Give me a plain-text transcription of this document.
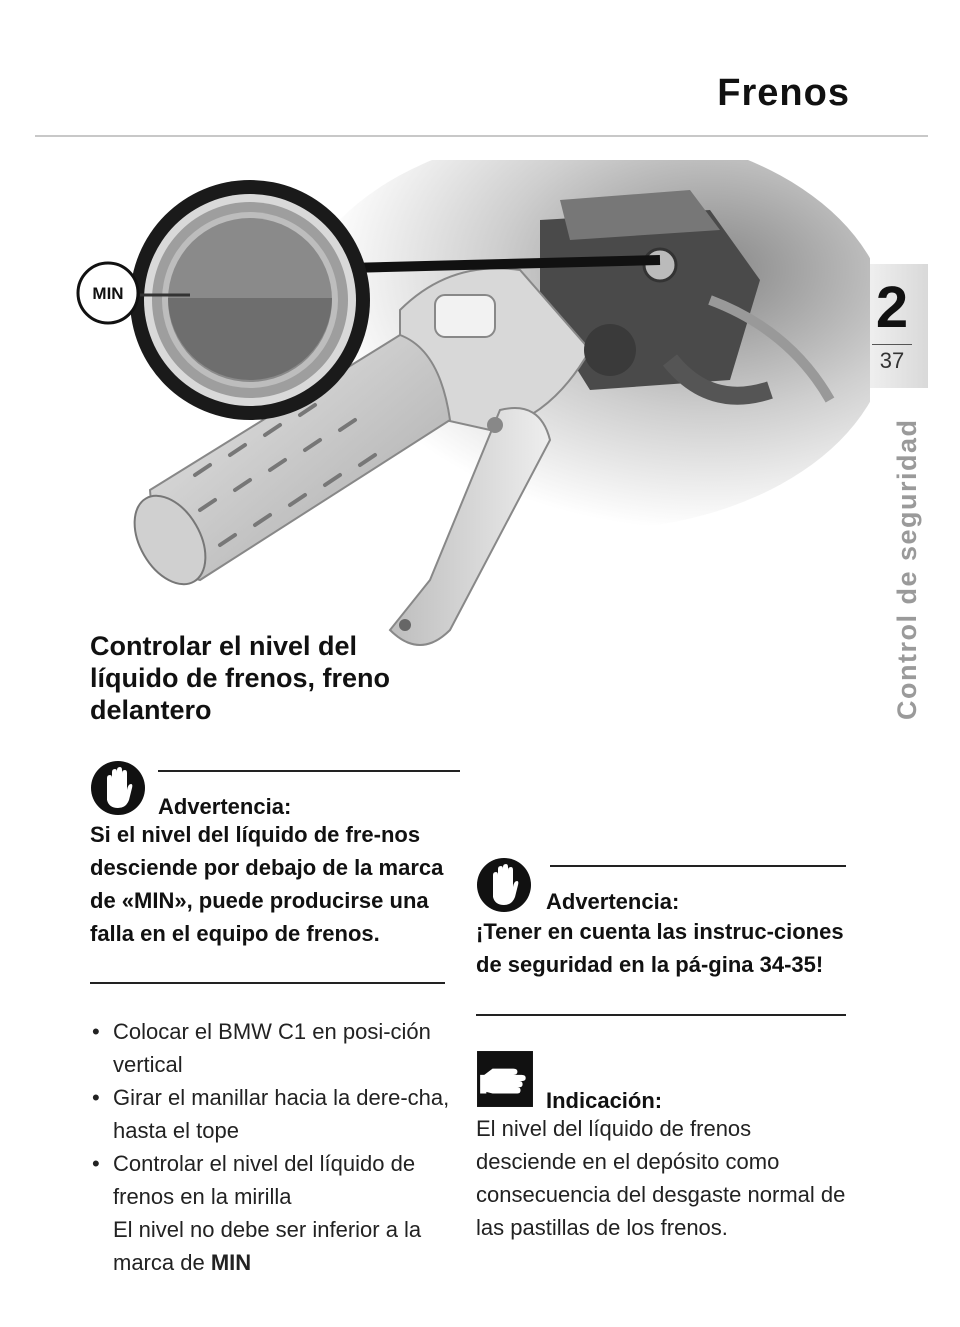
Frenos
2
37
Control de seguridad
MIN
Controlar el nivel del líquido de frenos, freno delantero
Advertencia:
Si el nivel del líquido de fre-nos desciende por debajo de la marca de «MIN», puede producirse una falla en el equipo de frenos.
• Colocar el BMW C1 en posi-ción vertical
• Girar el manillar hacia la dere-cha, hasta el tope
• Controlar el nivel del líquido de frenos en la mirilla
El nivel no debe ser inferior a la marca de MIN
Advertencia:
¡Tener en cuenta las instruc-ciones de seguridad en la pá-gina 34-35!
Indicación:
El nivel del líquido de frenos desciende en el depósito como consecuencia del desgaste normal de las pastillas de los frenos.
